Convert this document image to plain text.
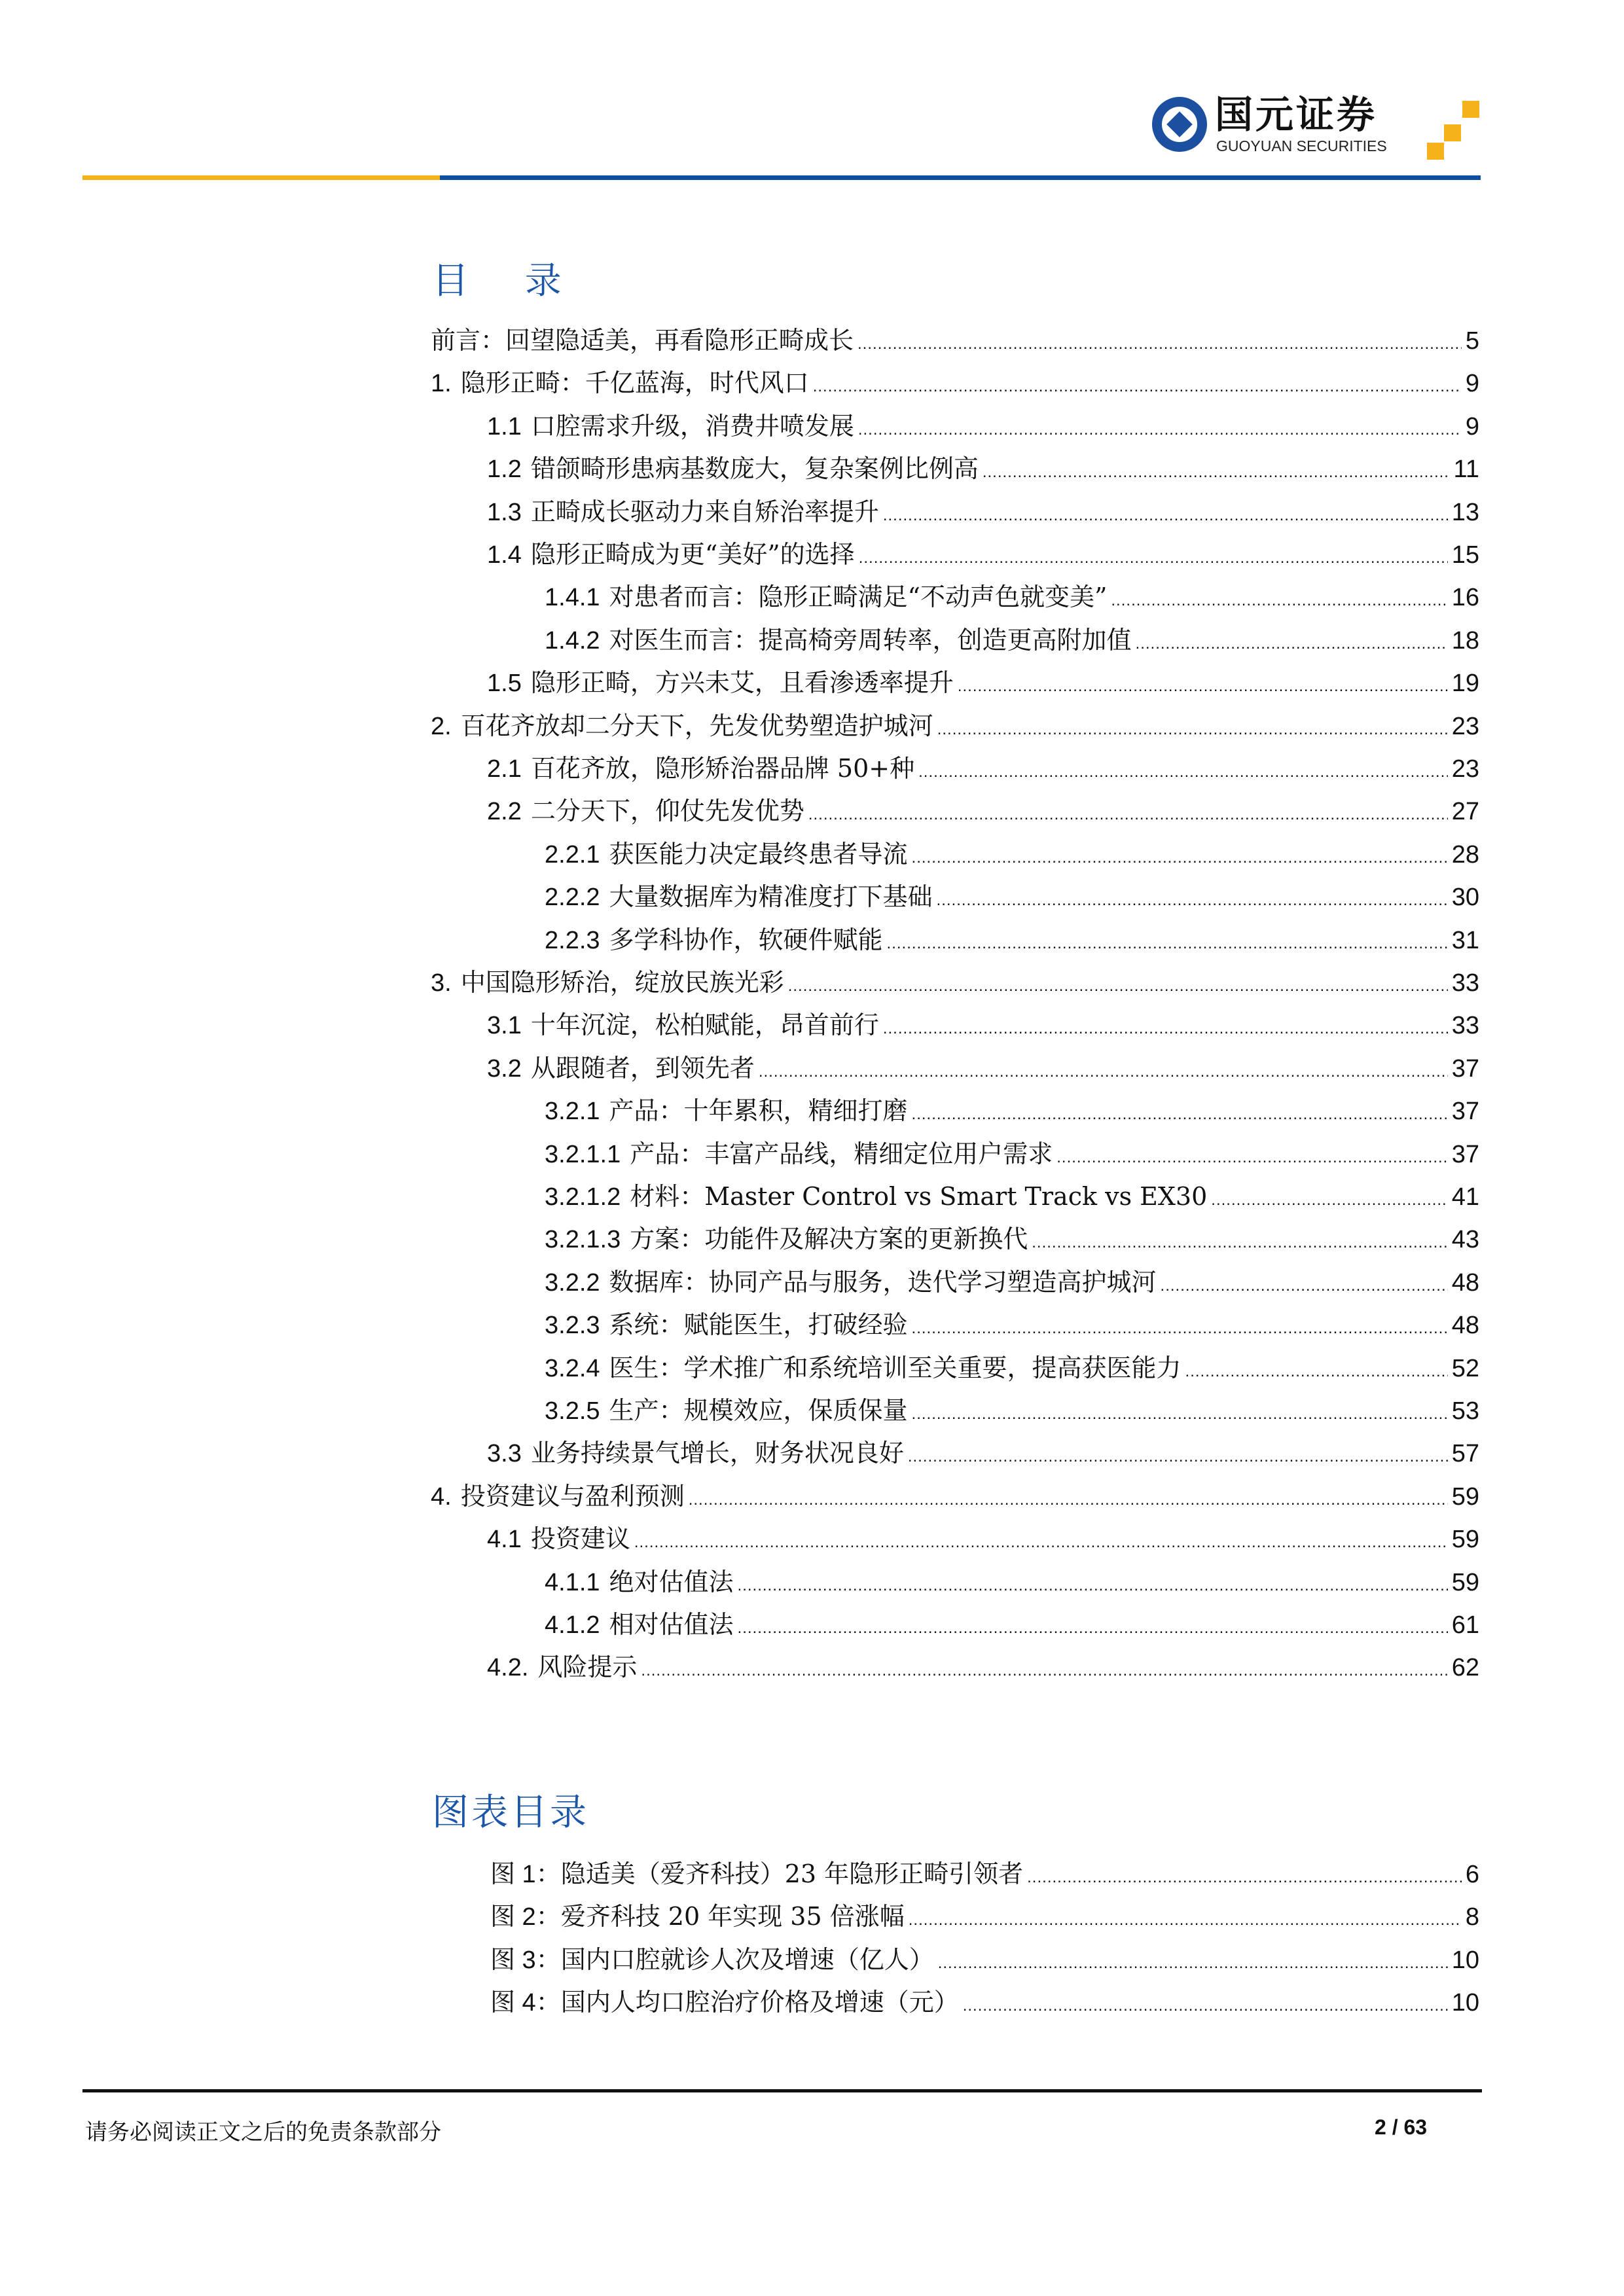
国元证券
GUOYUAN SECURITIES
目 录
前言：回望隐适美，再看隐形正畸成长 .....	5
1. 隐形正畸：千亿蓝海，时代风口 .....	9
1.1 口腔需求升级，消费井喷发展 .....	9
1.2 错颌畸形患病基数庞大，复杂案例比例高 .....	11
1.3 正畸成长驱动力来自矫治率提升 .....	13
1.4 隐形正畸成为更“美好”的选择 .....	15
1.4.1 对患者而言：隐形正畸满足“不动声色就变美” .....	16
1.4.2 对医生而言：提高椅旁周转率，创造更高附加值 .....	18
1.5 隐形正畸，方兴未艾，且看渗透率提升 .....	19
2. 百花齐放却二分天下，先发优势塑造护城河 .....	23
2.1 百花齐放，隐形矫治器品牌 50+种 .....	23
2.2 二分天下，仰仗先发优势 .....	27
2.2.1 获医能力决定最终患者导流 .....	28
2.2.2 大量数据库为精准度打下基础 .....	30
2.2.3 多学科协作，软硬件赋能 .....	31
3. 中国隐形矫治，绽放民族光彩 .....	33
3.1 十年沉淀，松柏赋能，昂首前行 .....	33
3.2 从跟随者，到领先者 .....	37
3.2.1 产品：十年累积，精细打磨 .....	37
3.2.1.1 产品：丰富产品线，精细定位用户需求 .....	37
3.2.1.2 材料：Master Control vs Smart Track vs EX30 .....	41
3.2.1.3 方案：功能件及解决方案的更新换代 .....	43
3.2.2 数据库：协同产品与服务，迭代学习塑造高护城河 .....	48
3.2.3 系统：赋能医生，打破经验 .....	48
3.2.4 医生：学术推广和系统培训至关重要，提高获医能力 .....	52
3.2.5 生产：规模效应，保质保量 .....	53
3.3 业务持续景气增长，财务状况良好 .....	57
4. 投资建议与盈利预测 .....	59
4.1 投资建议 .....	59
4.1.1 绝对估值法 .....	59
4.1.2 相对估值法 .....	61
4.2. 风险提示 .....	62
图表目录
图 1： 隐适美（爱齐科技）23 年隐形正畸引领者 .....	6
图 2： 爱齐科技 20 年实现 35 倍涨幅 .....	8
图 3： 国内口腔就诊人次及增速（亿人） .....	10
图 4： 国内人均口腔治疗价格及增速（元） .....	10
请务必阅读正文之后的免责条款部分	2 / 63
